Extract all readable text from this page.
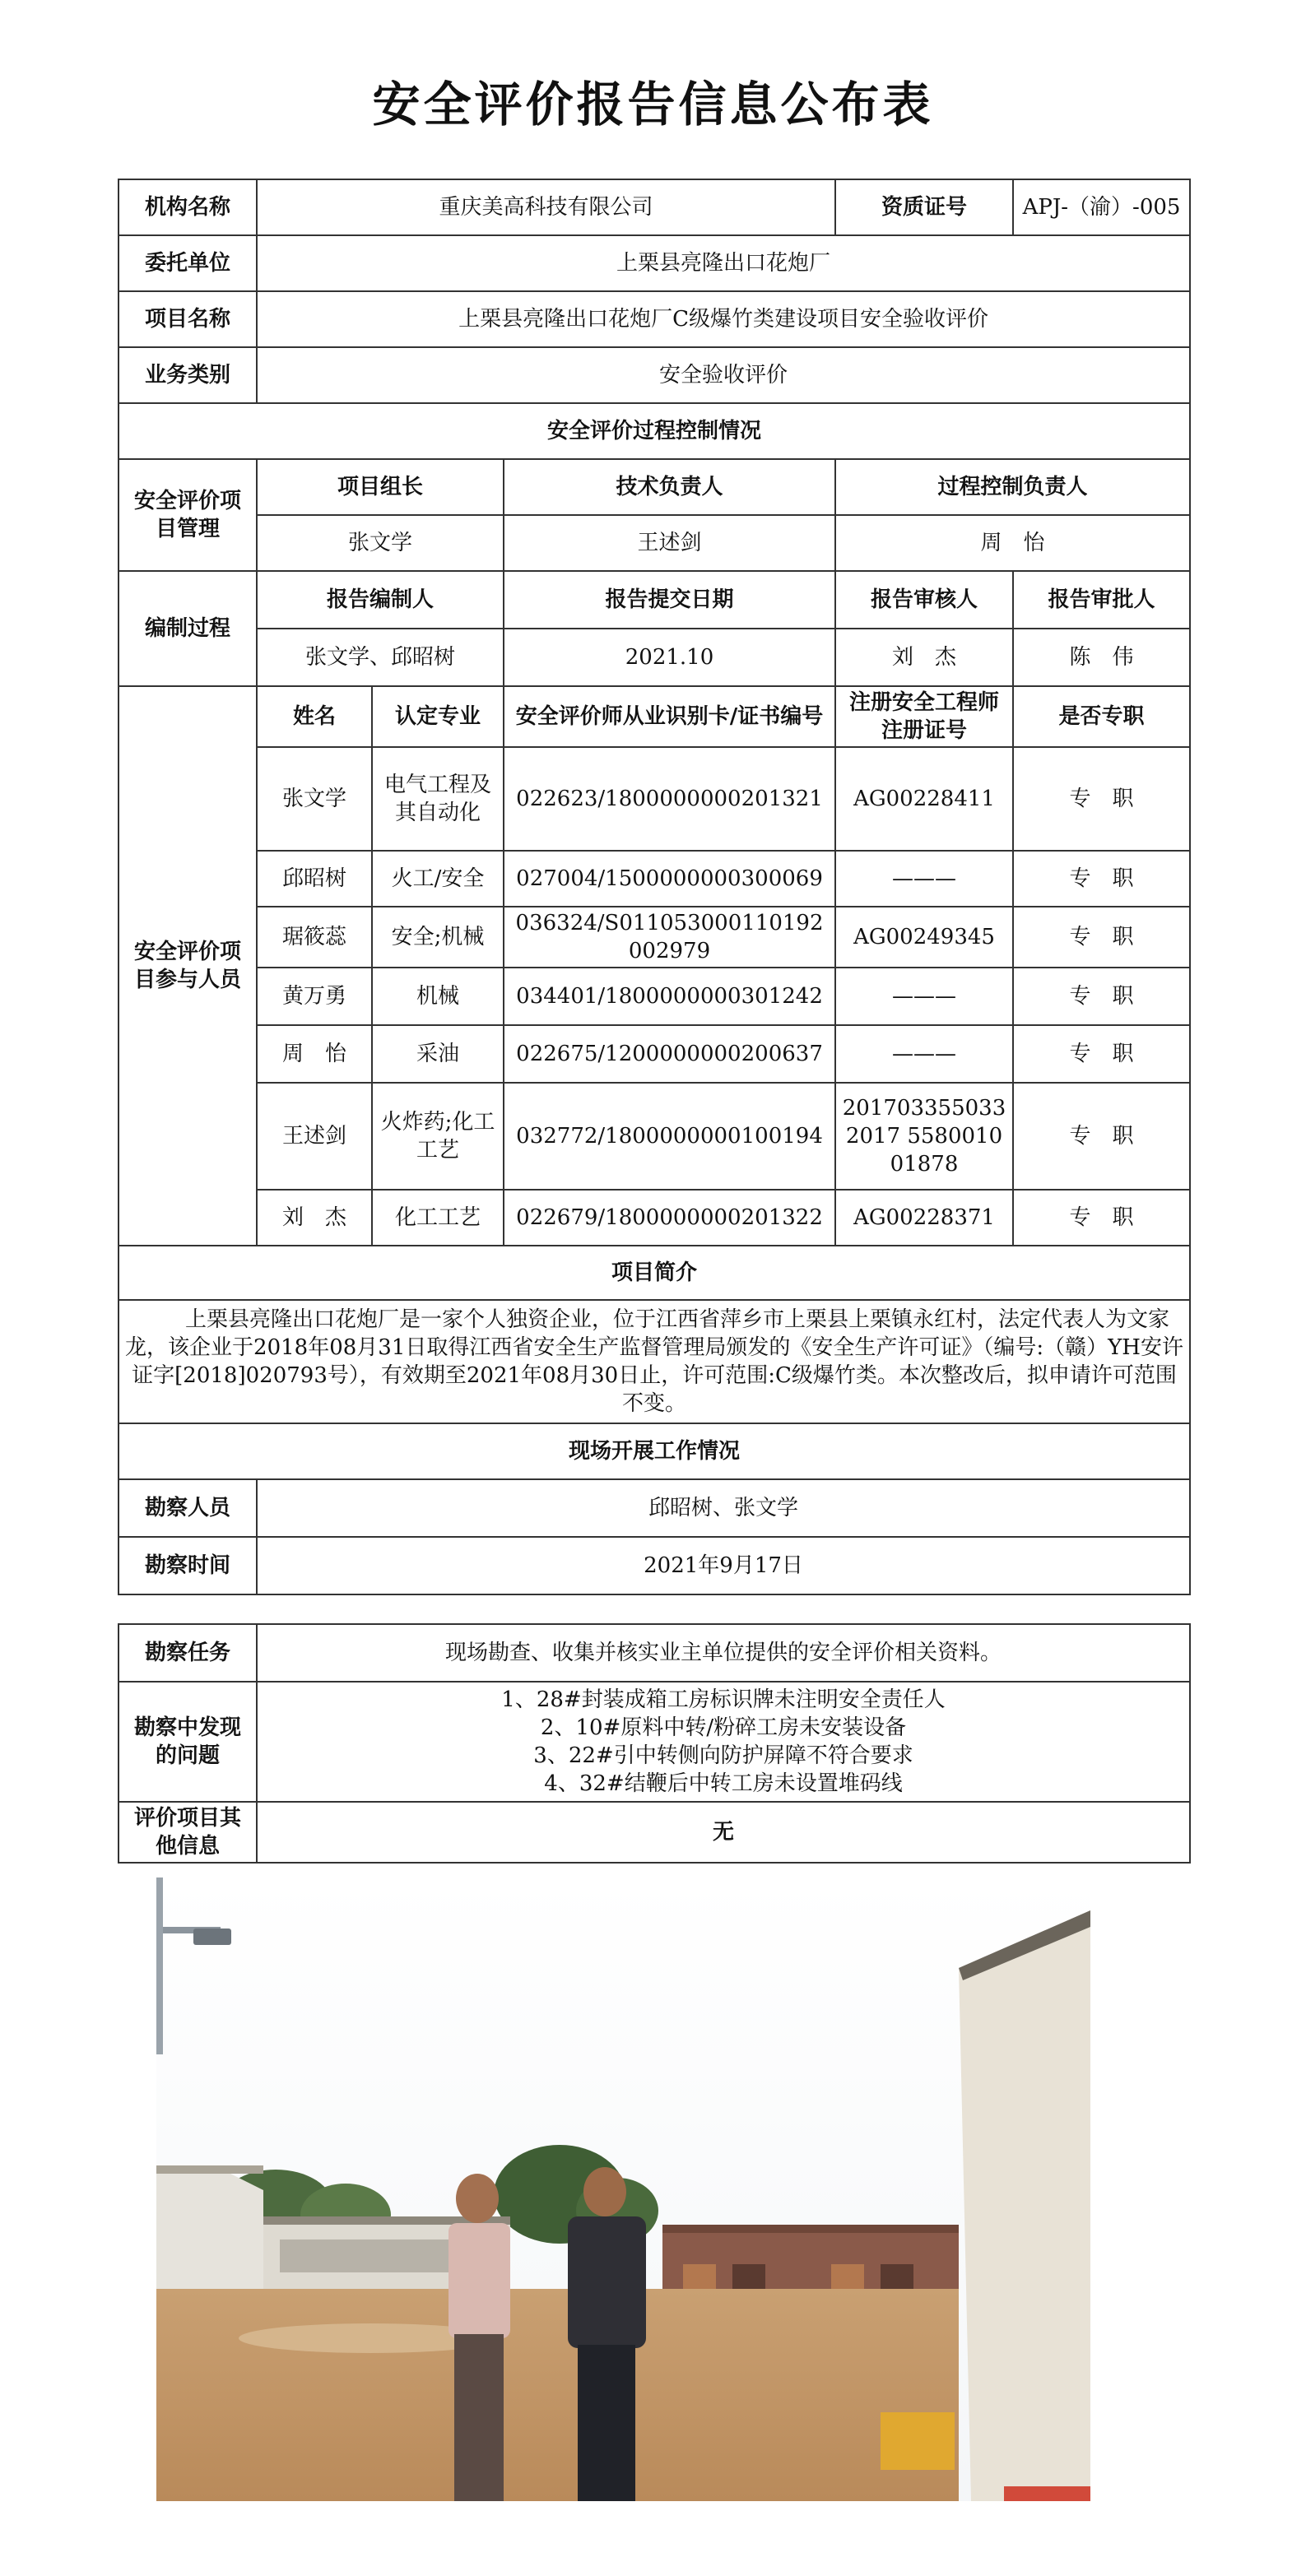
安全评价报告信息公布表
机构名称	重庆美高科技有限公司			资质证号	APJ-（渝）-005
委托单位	上栗县亮隆出口花炮厂				
项目名称	上栗县亮隆出口花炮厂C级爆竹类建设项目安全验收评价				
业务类别	安全验收评价				
安全评价过程控制情况					
安全评价项目管理	项目组长		技术负责人	过程控制负责人	
	张文学		王述剑	周　怡	
编制过程	报告编制人		报告提交日期	报告审核人	报告审批人
	张文学、邱昭树		2021.10	刘　杰	陈　伟
安全评价项目参与人员	姓名	认定专业	安全评价师从业识别卡/证书编号	注册安全工程师注册证号	是否专职
	张文学	电气工程及其自动化	022623/1800000000201321	AG00228411	专　职
	邱昭树	火工/安全	027004/1500000000300069	———	专　职
	琚筱蕊	安全;机械	036324/S011053000110192002979	AG00249345	专　职
	黄万勇	机械	034401/1800000000301242	———	专　职
	周　怡	采油	022675/1200000000200637	———	专　职
	王述剑	火炸药;化工工艺	032772/1800000000100194	2017033550332017 558001001878	专　职
	刘　杰	化工工艺	022679/1800000000201322	AG00228371	专　职
项目简介					
上栗县亮隆出口花炮厂是一家个人独资企业，位于江西省萍乡市上栗县上栗镇永红村，法定代表人为文家龙，该企业于2018年08月31日取得江西省安全生产监督管理局颁发的《安全生产许可证》（编号:（赣）YH安许证字[2018]020793号），有效期至2021年08月30日止，许可范围:C级爆竹类。本次整改后，拟申请许可范围不变。					
现场开展工作情况					
勘察人员	邱昭树、张文学				
勘察时间	2021年9月17日				
勘察任务	现场勘查、收集并核实业主单位提供的安全评价相关资料。
勘察中发现的问题	1、28#封装成箱工房标识牌未注明安全责任人
2、10#原料中转/粉碎工房未安装设备
3、22#引中转侧向防护屏障不符合要求
4、32#结鞭后中转工房未设置堆码线

评价项目其他信息	无
